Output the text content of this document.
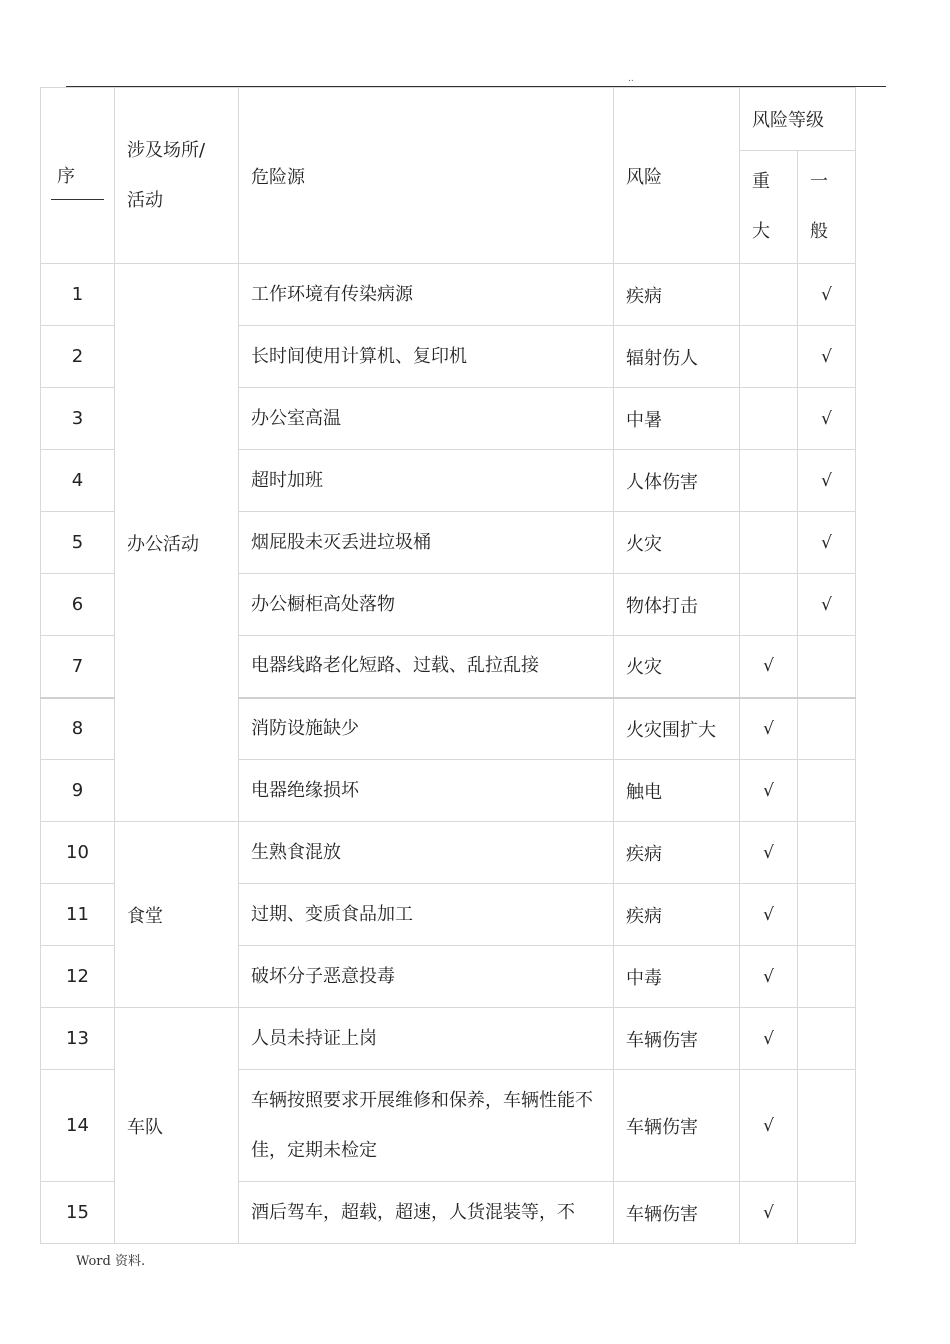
..
序	涉及场所/活动	危险源	风险	风险等级	

				重大	一般

1	办公活动	工作环境有传染病源	疾病		√
2		长时间使用计算机、复印机	辐射伤人		√
3		办公室高温	中暑		√
4		超时加班	人体伤害		√
5		烟屁股未灭丢进垃圾桶	火灾		√
6		办公橱柜高处落物	物体打击		√
7		电器线路老化短路、过载、乱拉乱接	火灾	√	
8		消防设施缺少	火灾围扩大	√	
9		电器绝缘损坏	触电	√	
10	食堂	生熟食混放	疾病	√	
11		过期、变质食品加工	疾病	√	
12		破坏分子恶意投毒	中毒	√	
13	车队	人员未持证上岗	车辆伤害	√	
14		车辆按照要求开展维修和保养，车辆性能不佳，定期未检定	车辆伤害	√	
15		酒后驾车，超载，超速，人货混装等，不	车辆伤害	√	
Word 资料.
